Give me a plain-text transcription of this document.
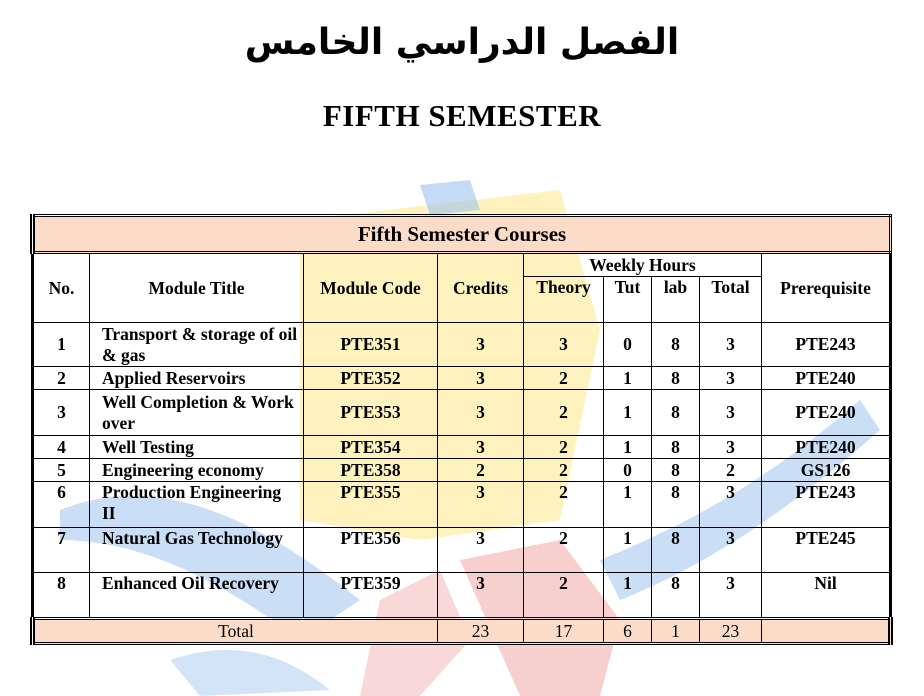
الفصل الدراسي الخامس
FIFTH SEMESTER
Fifth Semester Courses								
No.	Module Title	Module Code	Credits	Weekly Hours				Prerequisite
				Theory	Tut	lab	Total	
1	Transport & storage of oil & gas	PTE351	3	3	0	8	3	PTE243
2	Applied Reservoirs	PTE352	3	2	1	8	3	PTE240
3	Well Completion & Work over	PTE353	3	2	1	8	3	PTE240
4	Well Testing	PTE354	3	2	1	8	3	PTE240
5	Engineering economy	PTE358	2	2	0	8	2	GS126
6	Production Engineering II	PTE355	3	2	1	8	3	PTE243
7	Natural Gas Technology	PTE356	3	2	1	8	3	PTE245
8	Enhanced Oil Recovery	PTE359	3	2	1	8	3	Nil
Total			23	17	6	1	23	
